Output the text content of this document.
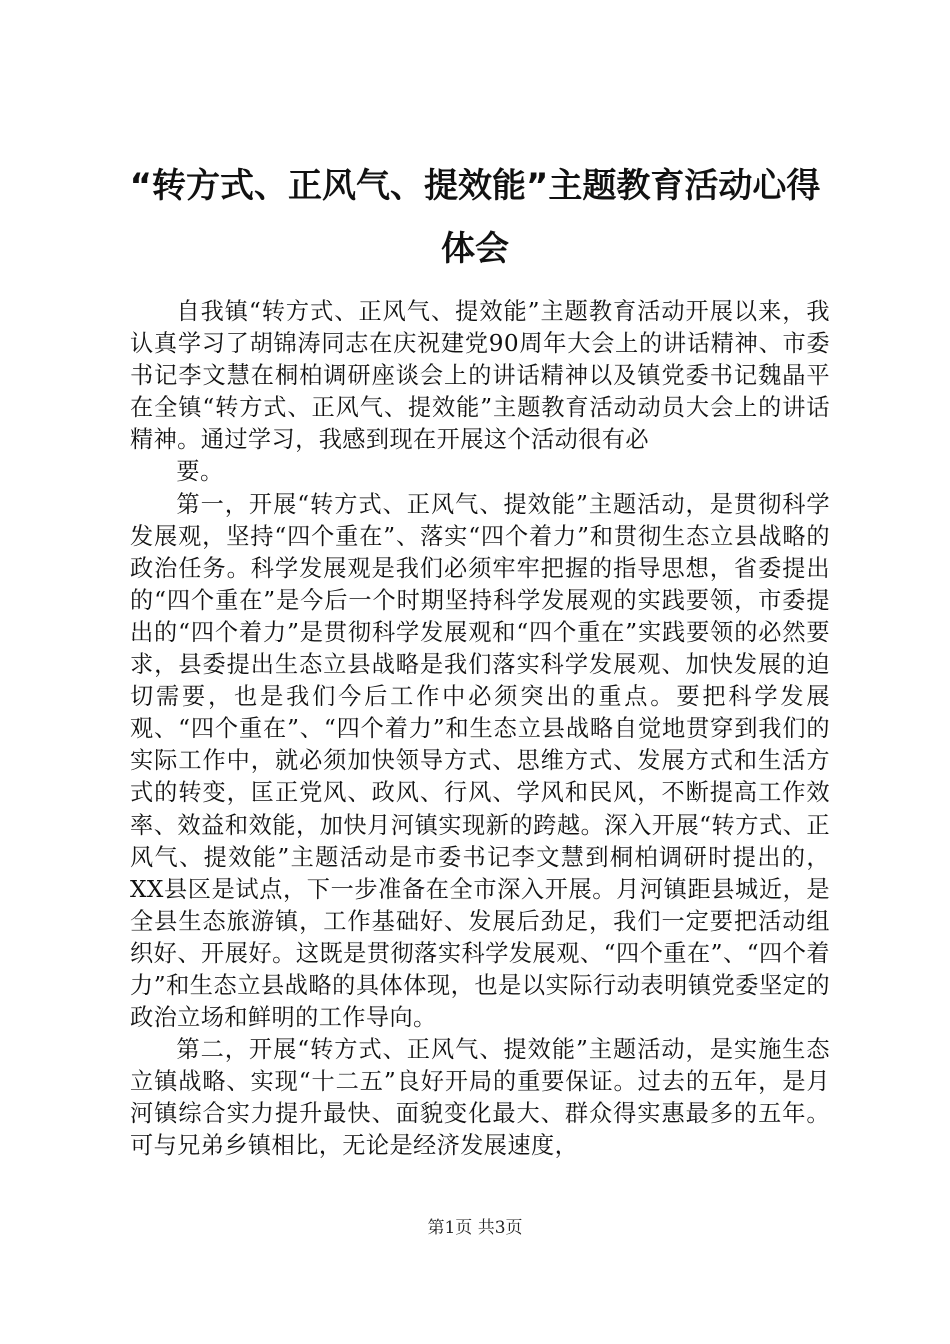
“转方式、正风气、提效能”主题教育活动心得体会

自我镇“转方式、正风气、提效能”主题教育活动开展以来，我认真学习了胡锦涛同志在庆祝建党90周年大会上的讲话精神、市委书记李文慧在桐柏调研座谈会上的讲话精神以及镇党委书记魏晶平在全镇“转方式、正风气、提效能”主题教育活动动员大会上的讲话精神。通过学习，我感到现在开展这个活动很有必

要。

第一，开展“转方式、正风气、提效能”主题活动，是贯彻科学发展观，坚持“四个重在”、落实“四个着力”和贯彻生态立县战略的政治任务。科学发展观是我们必须牢牢把握的指导思想，省委提出的“四个重在”是今后一个时期坚持科学发展观的实践要领，市委提出的“四个着力”是贯彻科学发展观和“四个重在”实践要领的必然要求，县委提出生态立县战略是我们落实科学发展观、加快发展的迫切需要，也是我们今后工作中必须突出的重点。要把科学发展观、“四个重在”、“四个着力”和生态立县战略自觉地贯穿到我们的实际工作中，就必须加快领导方式、思维方式、发展方式和生活方式的转变，匡正党风、政风、行风、学风和民风，不断提高工作效率、效益和效能，加快月河镇实现新的跨越。深入开展“转方式、正风气、提效能”主题活动是市委书记李文慧到桐柏调研时提出的，XX县区是试点，下一步准备在全市深入开展。月河镇距县城近，是全县生态旅游镇，工作基础好、发展后劲足，我们一定要把活动组织好、开展好。这既是贯彻落实科学发展观、“四个重在”、“四个着力”和生态立县战略的具体体现，也是以实际行动表明镇党委坚定的政治立场和鲜明的工作导向。

第二，开展“转方式、正风气、提效能”主题活动，是实施生态立镇战略、实现“十二五”良好开局的重要保证。过去的五年，是月河镇综合实力提升最快、面貌变化最大、群众得实惠最多的五年。可与兄弟乡镇相比，无论是经济发展速度，

第1页 共3页
